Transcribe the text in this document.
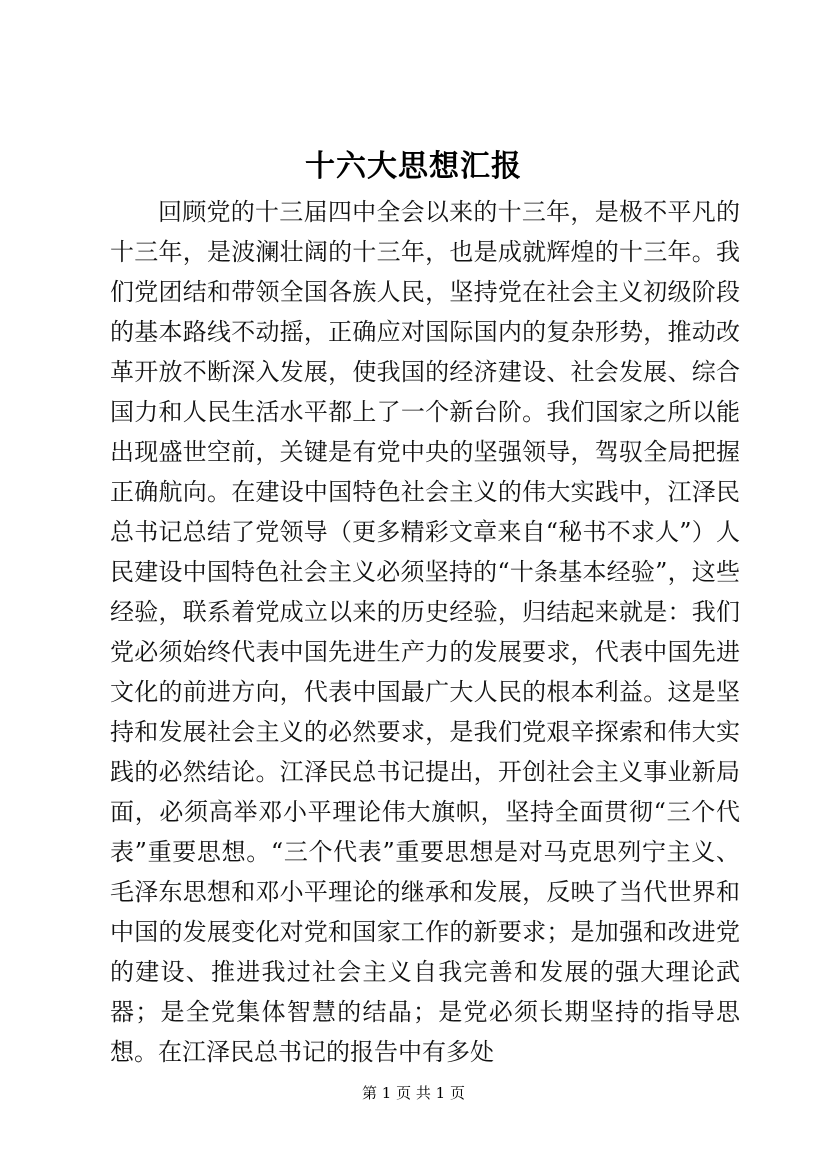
十六大思想汇报

回顾党的十三届四中全会以来的十三年，是极不平凡的十三年，是波澜壮阔的十三年，也是成就辉煌的十三年。我们党团结和带领全国各族人民，坚持党在社会主义初级阶段的基本路线不动摇，正确应对国际国内的复杂形势，推动改革开放不断深入发展，使我国的经济建设、社会发展、综合国力和人民生活水平都上了一个新台阶。我们国家之所以能出现盛世空前，关键是有党中央的坚强领导，驾驭全局把握正确航向。在建设中国特色社会主义的伟大实践中，江泽民总书记总结了党领导（更多精彩文章来自“秘书不求人”）人民建设中国特色社会主义必须坚持的“十条基本经验”，这些经验，联系着党成立以来的历史经验，归结起来就是：我们党必须始终代表中国先进生产力的发展要求，代表中国先进文化的前进方向，代表中国最广大人民的根本利益。这是坚持和发展社会主义的必然要求，是我们党艰辛探索和伟大实践的必然结论。江泽民总书记提出，开创社会主义事业新局面，必须高举邓小平理论伟大旗帜，坚持全面贯彻“三个代表”重要思想。“三个代表”重要思想是对马克思列宁主义、毛泽东思想和邓小平理论的继承和发展，反映了当代世界和中国的发展变化对党和国家工作的新要求；是加强和改进党的建设、推进我过社会主义自我完善和发展的强大理论武器；是全党集体智慧的结晶；是党必须长期坚持的指导思想。在江泽民总书记的报告中有多处

第 1 页 共 1 页
